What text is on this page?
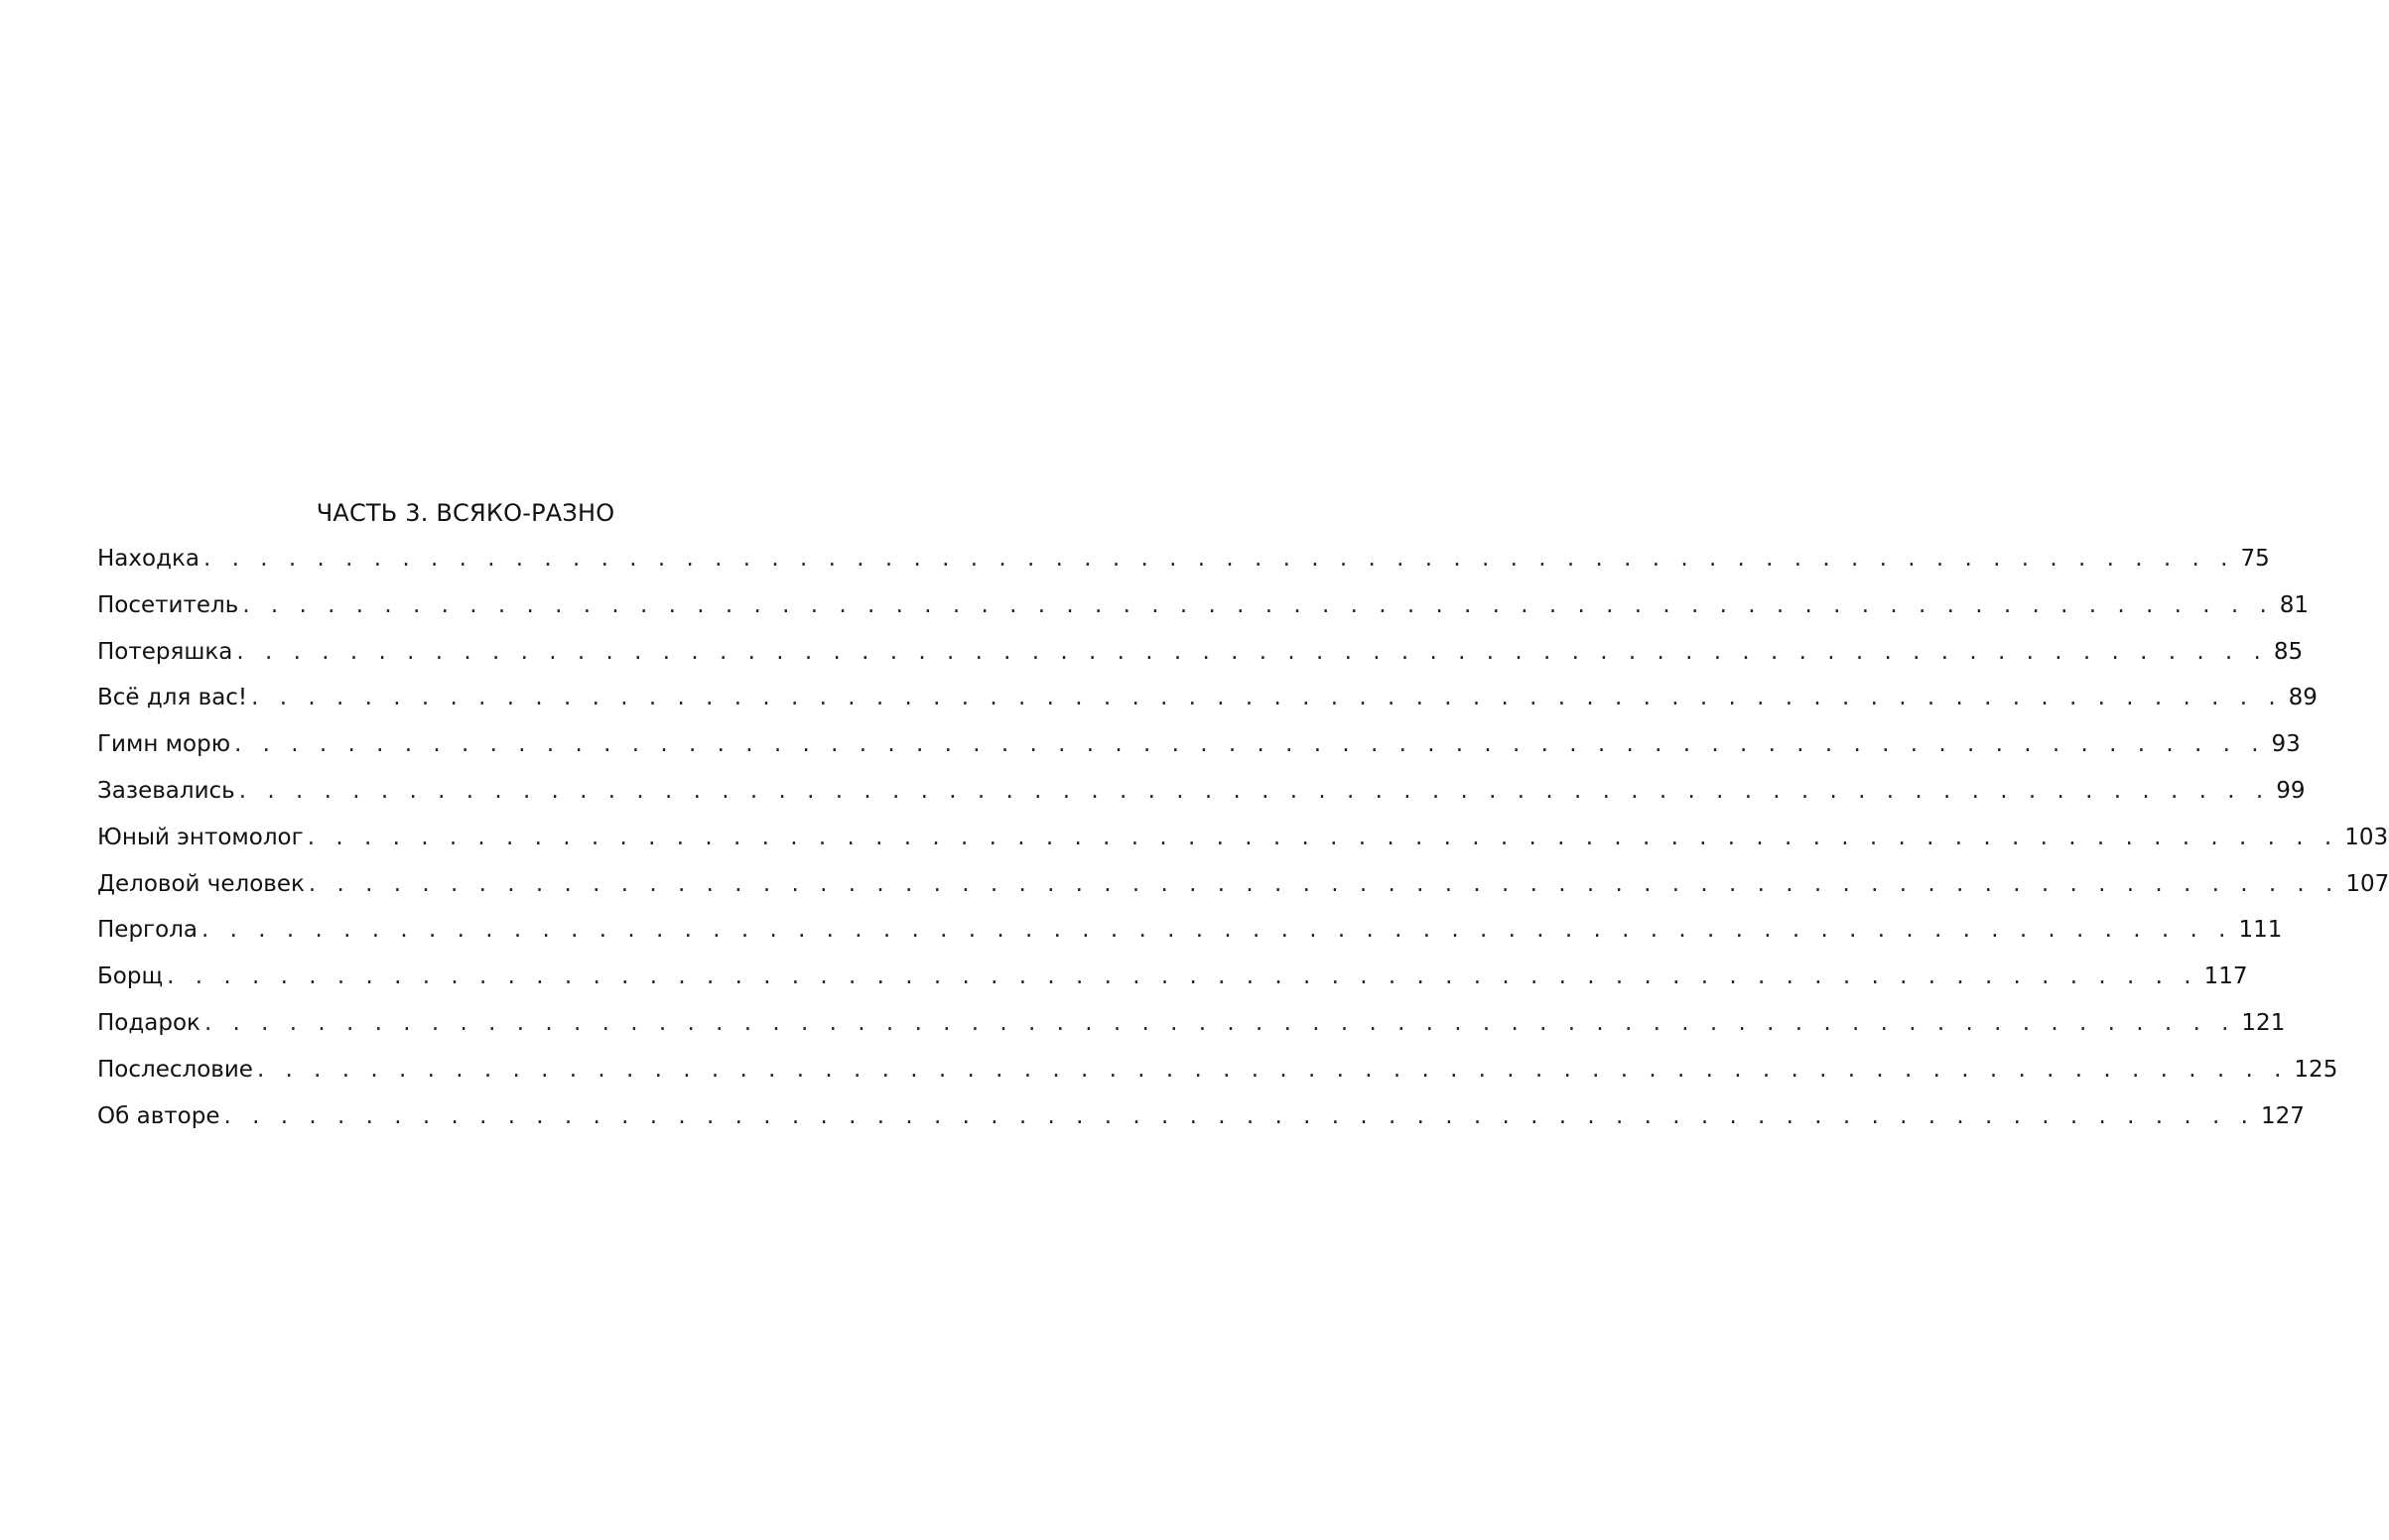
ЧАСТЬ 3. ВСЯКО-РАЗНО
Находка . . . . . . . . . . . . . . . . . . . . . . . . . . . . . . . . . . . . . . . . . . . . . . . . . . . . . . . . . . . . . . . . . . . . . . . . 75
Посетитель . . . . . . . . . . . . . . . . . . . . . . . . . . . . . . . . . . . . . . . . . . . . . . . . . . . . . . . . . . . . . . . . . . . . . . . . 81
Потеряшка . . . . . . . . . . . . . . . . . . . . . . . . . . . . . . . . . . . . . . . . . . . . . . . . . . . . . . . . . . . . . . . . . . . . . . . . 85
Всё для вас! . . . . . . . . . . . . . . . . . . . . . . . . . . . . . . . . . . . . . . . . . . . . . . . . . . . . . . . . . . . . . . . . . . . . . . . . 89
Гимн морю . . . . . . . . . . . . . . . . . . . . . . . . . . . . . . . . . . . . . . . . . . . . . . . . . . . . . . . . . . . . . . . . . . . . . . . . 93
Зазевались . . . . . . . . . . . . . . . . . . . . . . . . . . . . . . . . . . . . . . . . . . . . . . . . . . . . . . . . . . . . . . . . . . . . . . . . 99
Юный энтомолог . . . . . . . . . . . . . . . . . . . . . . . . . . . . . . . . . . . . . . . . . . . . . . . . . . . . . . . . . . . . . . . . . . . . . . . . 103
Деловой человек . . . . . . . . . . . . . . . . . . . . . . . . . . . . . . . . . . . . . . . . . . . . . . . . . . . . . . . . . . . . . . . . . . . . . . . . 107
Пергола . . . . . . . . . . . . . . . . . . . . . . . . . . . . . . . . . . . . . . . . . . . . . . . . . . . . . . . . . . . . . . . . . . . . . . . . 111
Борщ . . . . . . . . . . . . . . . . . . . . . . . . . . . . . . . . . . . . . . . . . . . . . . . . . . . . . . . . . . . . . . . . . . . . . . . . 117
Подарок . . . . . . . . . . . . . . . . . . . . . . . . . . . . . . . . . . . . . . . . . . . . . . . . . . . . . . . . . . . . . . . . . . . . . . . . 121
Послесловие . . . . . . . . . . . . . . . . . . . . . . . . . . . . . . . . . . . . . . . . . . . . . . . . . . . . . . . . . . . . . . . . . . . . . . . . 125
Об авторе . . . . . . . . . . . . . . . . . . . . . . . . . . . . . . . . . . . . . . . . . . . . . . . . . . . . . . . . . . . . . . . . . . . . . . . . 127
